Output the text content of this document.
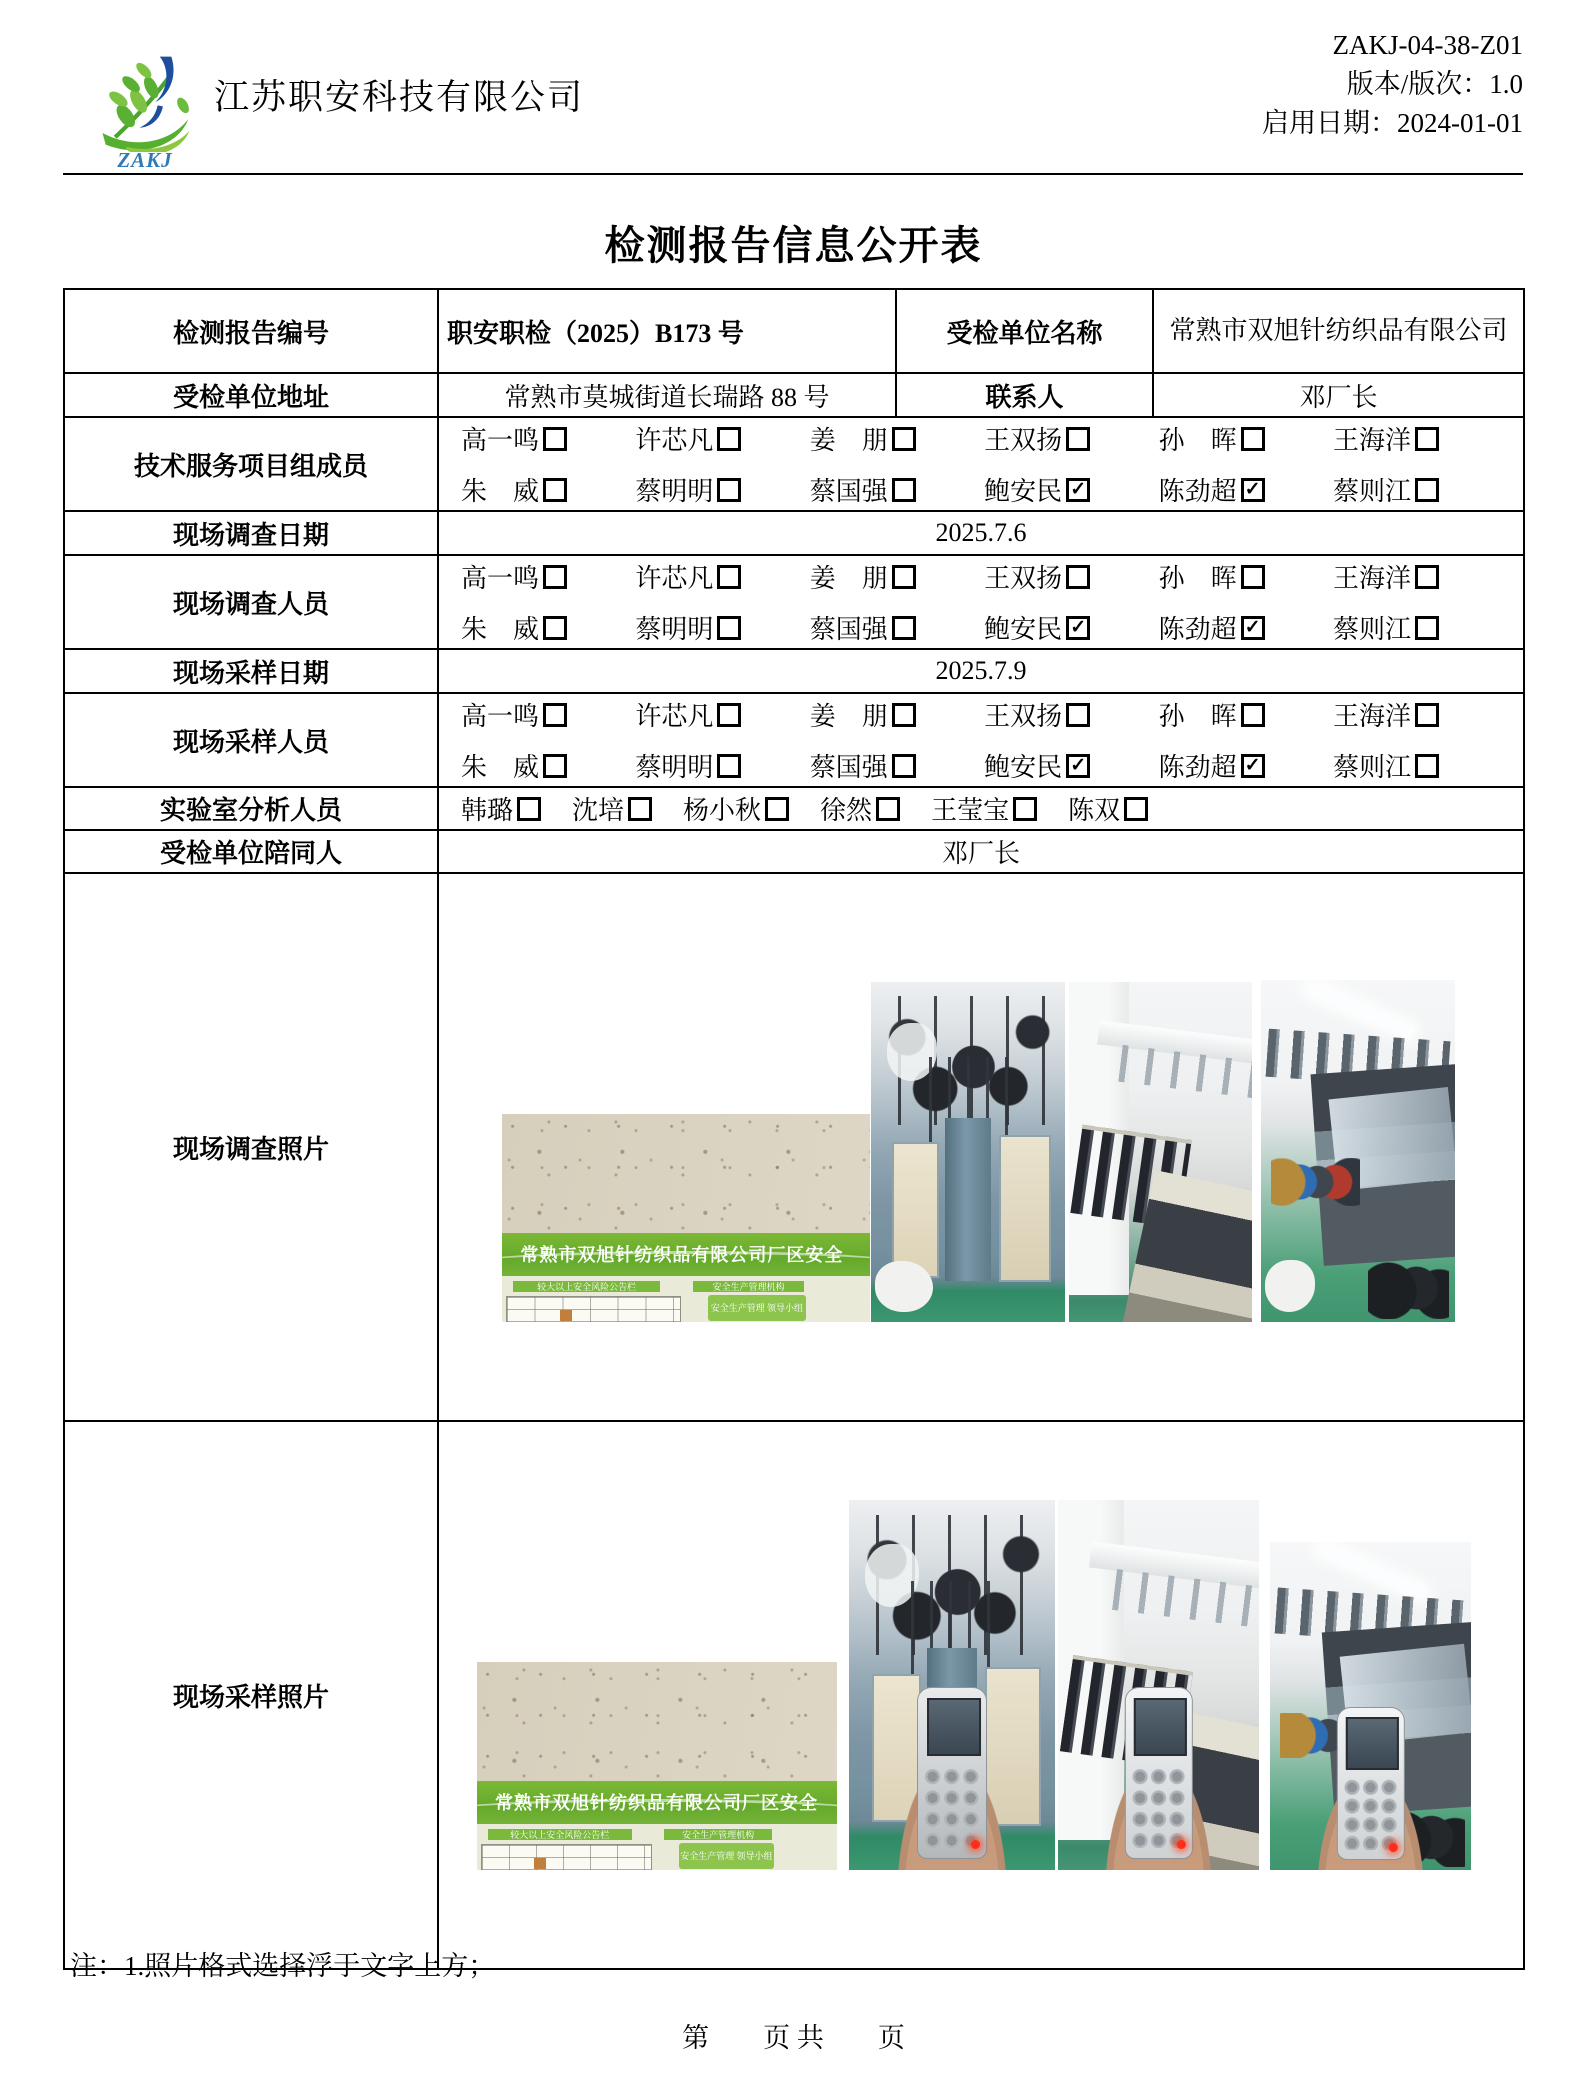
ZAKJ
江苏职安科技有限公司
ZAKJ-04-38-Z01
版本/版次：1.0
启用日期：2024-01-01
检测报告信息公开表
检测报告编号	职安职检（2025）B173 号	受检单位名称	常熟市双旭针纺织品有限公司
受检单位地址	常熟市莫城街道长瑞路 88 号	联系人	邓厂长
技术服务项目组成员	
高一鸣	许芯凡	姜　朋	王双扬	孙　晖	王海洋
朱　威	蔡明明	蔡国强	鲍安民 ✓	陈劲超 ✓	蔡则江

现场调查日期	2025.7.6		
现场调查人员	
高一鸣	许芯凡	姜　朋	王双扬	孙　晖	王海洋
朱　威	蔡明明	蔡国强	鲍安民 ✓	陈劲超 ✓	蔡则江

现场采样日期	2025.7.9		
现场采样人员	
高一鸣	许芯凡	姜　朋	王双扬	孙　晖	王海洋
朱　威	蔡明明	蔡国强	鲍安民 ✓	陈劲超 ✓	蔡则江

实验室分析人员	韩璐 沈培 杨小秋 徐然 王莹宝 陈双

受检单位陪同人	邓厂长		
现场调查照片	常熟市双旭针纺织品有限公司厂区安全
较大以上安全风险公告栏 安全生产管理机构
安全生产管理 领导小组		

现场采样照片	常熟市双旭针纺织品有限公司厂区安全
较大以上安全风险公告栏 安全生产管理机构
安全生产管理 领导小组		
注：1.照片格式选择浮于文字上方；
第　　页 共　　页
